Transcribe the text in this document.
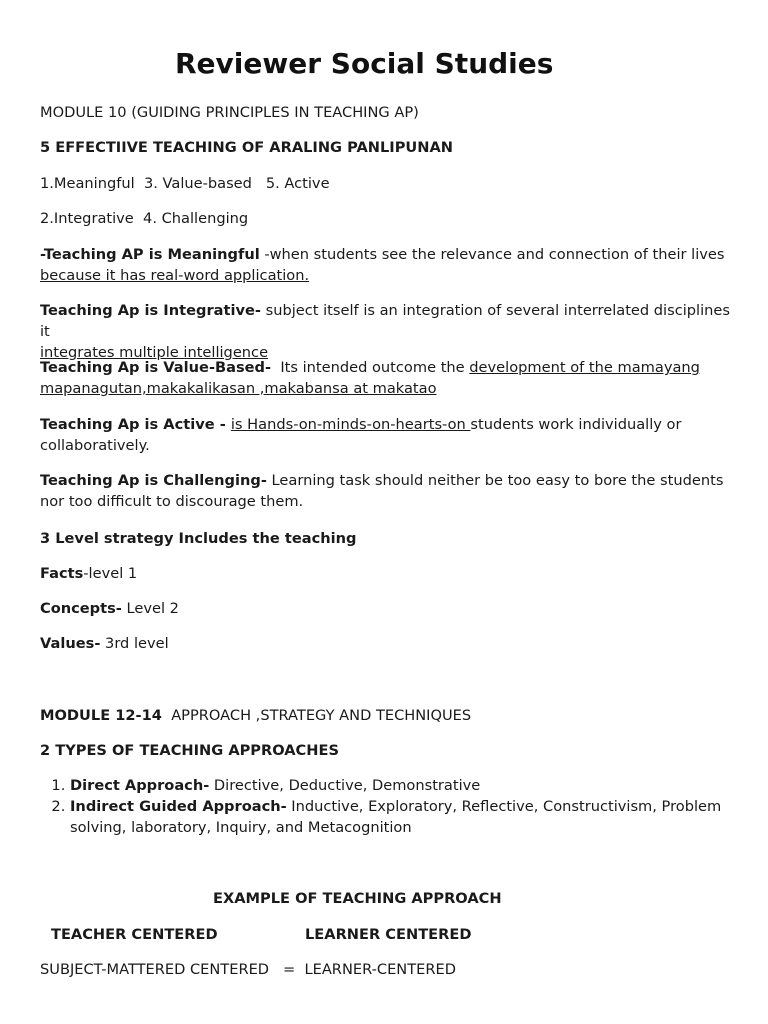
Reviewer Social Studies

MODULE 10 (GUIDING PRINCIPLES IN TEACHING AP)

5 EFFECTIIVE TEACHING OF ARALING PANLIPUNAN

1.Meaningful  3. Value-based   5. Active

2.Integrative  4. Challenging

-Teaching AP is Meaningful -when students see the relevance and connection of their lives
because it has real-word application.

Teaching Ap is Integrative- subject itself is an integration of several interrelated disciplines it
integrates multiple intelligence

Teaching Ap is Value-Based-  Its intended outcome the development of the mamayang mapanagutan,makakalikasan ,makabansa at makatao

Teaching Ap is Active - is Hands-on-minds-on-hearts-on students work individually or collaboratively.

Teaching Ap is Challenging- Learning task should neither be too easy to bore the students nor too difficult to discourage them.

3 Level strategy Includes the teaching

Facts-level 1

Concepts- Level 2

Values- 3rd level

MODULE 12-14  APPROACH ,STRATEGY AND TECHNIQUES

2 TYPES OF TEACHING APPROACHES

1. Direct Approach- Directive, Deductive, Demonstrative
2. Indirect Guided Approach- Inductive, Exploratory, Reflective, Constructivism, Problem solving, laboratory, Inquiry, and Metacognition

EXAMPLE OF TEACHING APPROACH

TEACHER CENTERED	LEARNER CENTERED

SUBJECT-MATTERED CENTERED   =  LEARNER-CENTERED
